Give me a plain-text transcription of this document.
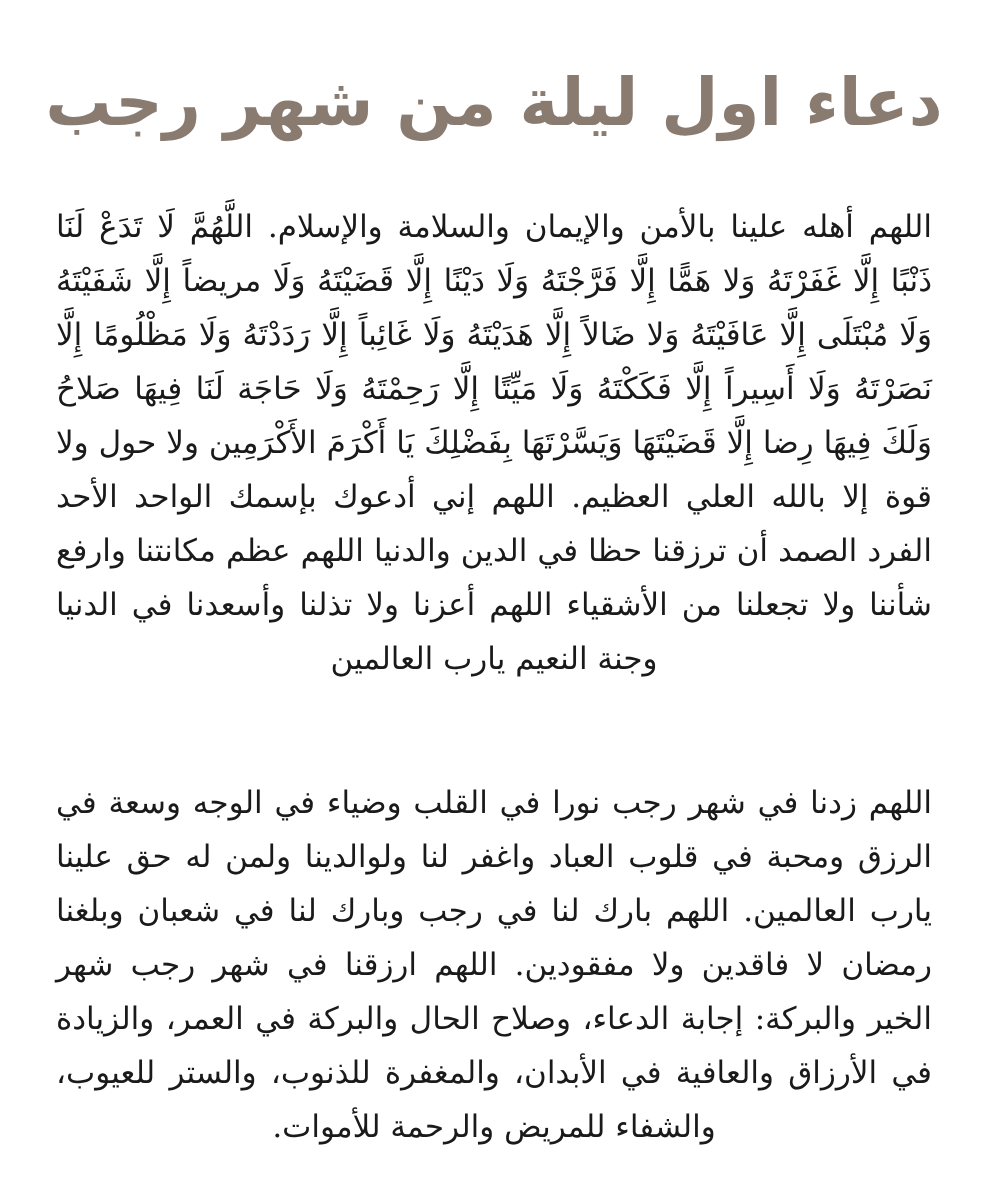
دعاء اول ليلة من شهر رجب

اللهم أهله علينا بالأمن والإيمان والسلامة والإسلام. اللَّهُمَّ لَا تَدَعْ لَنَا ذَنْبًا إِلَّا غَفَرْتَهُ وَلا هَمًّا إِلَّا فَرَّجْتَهُ وَلَا دَيْنًا إِلَّا قَضَيْتَهُ وَلَا مريضاً إِلَّا شَفَيْتَهُ وَلَا مُبْتَلَى إِلَّا عَافَيْتَهُ وَلا ضَالاً إِلَّا هَدَيْتَهُ وَلَا غَائِباً إِلَّا رَدَدْتَهُ وَلَا مَظْلُومًا إِلَّا نَصَرْتَهُ وَلَا أَسِيراً إِلَّا فَكَكْتَهُ وَلَا مَيِّتًا إِلَّا رَحِمْتَهُ وَلَا حَاجَة لَنَا فِيهَا صَلاحُ وَلَكَ فِيهَا رِضا إِلَّا قَضَيْتَهَا وَيَسَّرْتَهَا بِفَضْلِكَ يَا أَكْرَمَ الأَكْرَمِين ولا حول ولا قوة إلا بالله العلي العظيم. اللهم إني أدعوك بإسمك الواحد الأحد الفرد الصمد أن ترزقنا حظا في الدين والدنيا اللهم عظم مكانتنا وارفع شأننا ولا تجعلنا من الأشقياء اللهم أعزنا ولا تذلنا وأسعدنا في الدنيا وجنة النعيم يارب العالمين

اللهم زدنا في شهر رجب نورا في القلب وضياء في الوجه وسعة في الرزق ومحبة في قلوب العباد واغفر لنا ولوالدينا ولمن له حق علينا يارب العالمين. اللهم بارك لنا في رجب وبارك لنا في شعبان وبلغنا رمضان لا فاقدين ولا مفقودين. اللهم ارزقنا في شهر رجب شهر الخير والبركة: إجابة الدعاء، وصلاح الحال والبركة في العمر، والزيادة في الأرزاق والعافية في الأبدان، والمغفرة للذنوب، والستر للعيوب، والشفاء للمريض والرحمة للأموات.
